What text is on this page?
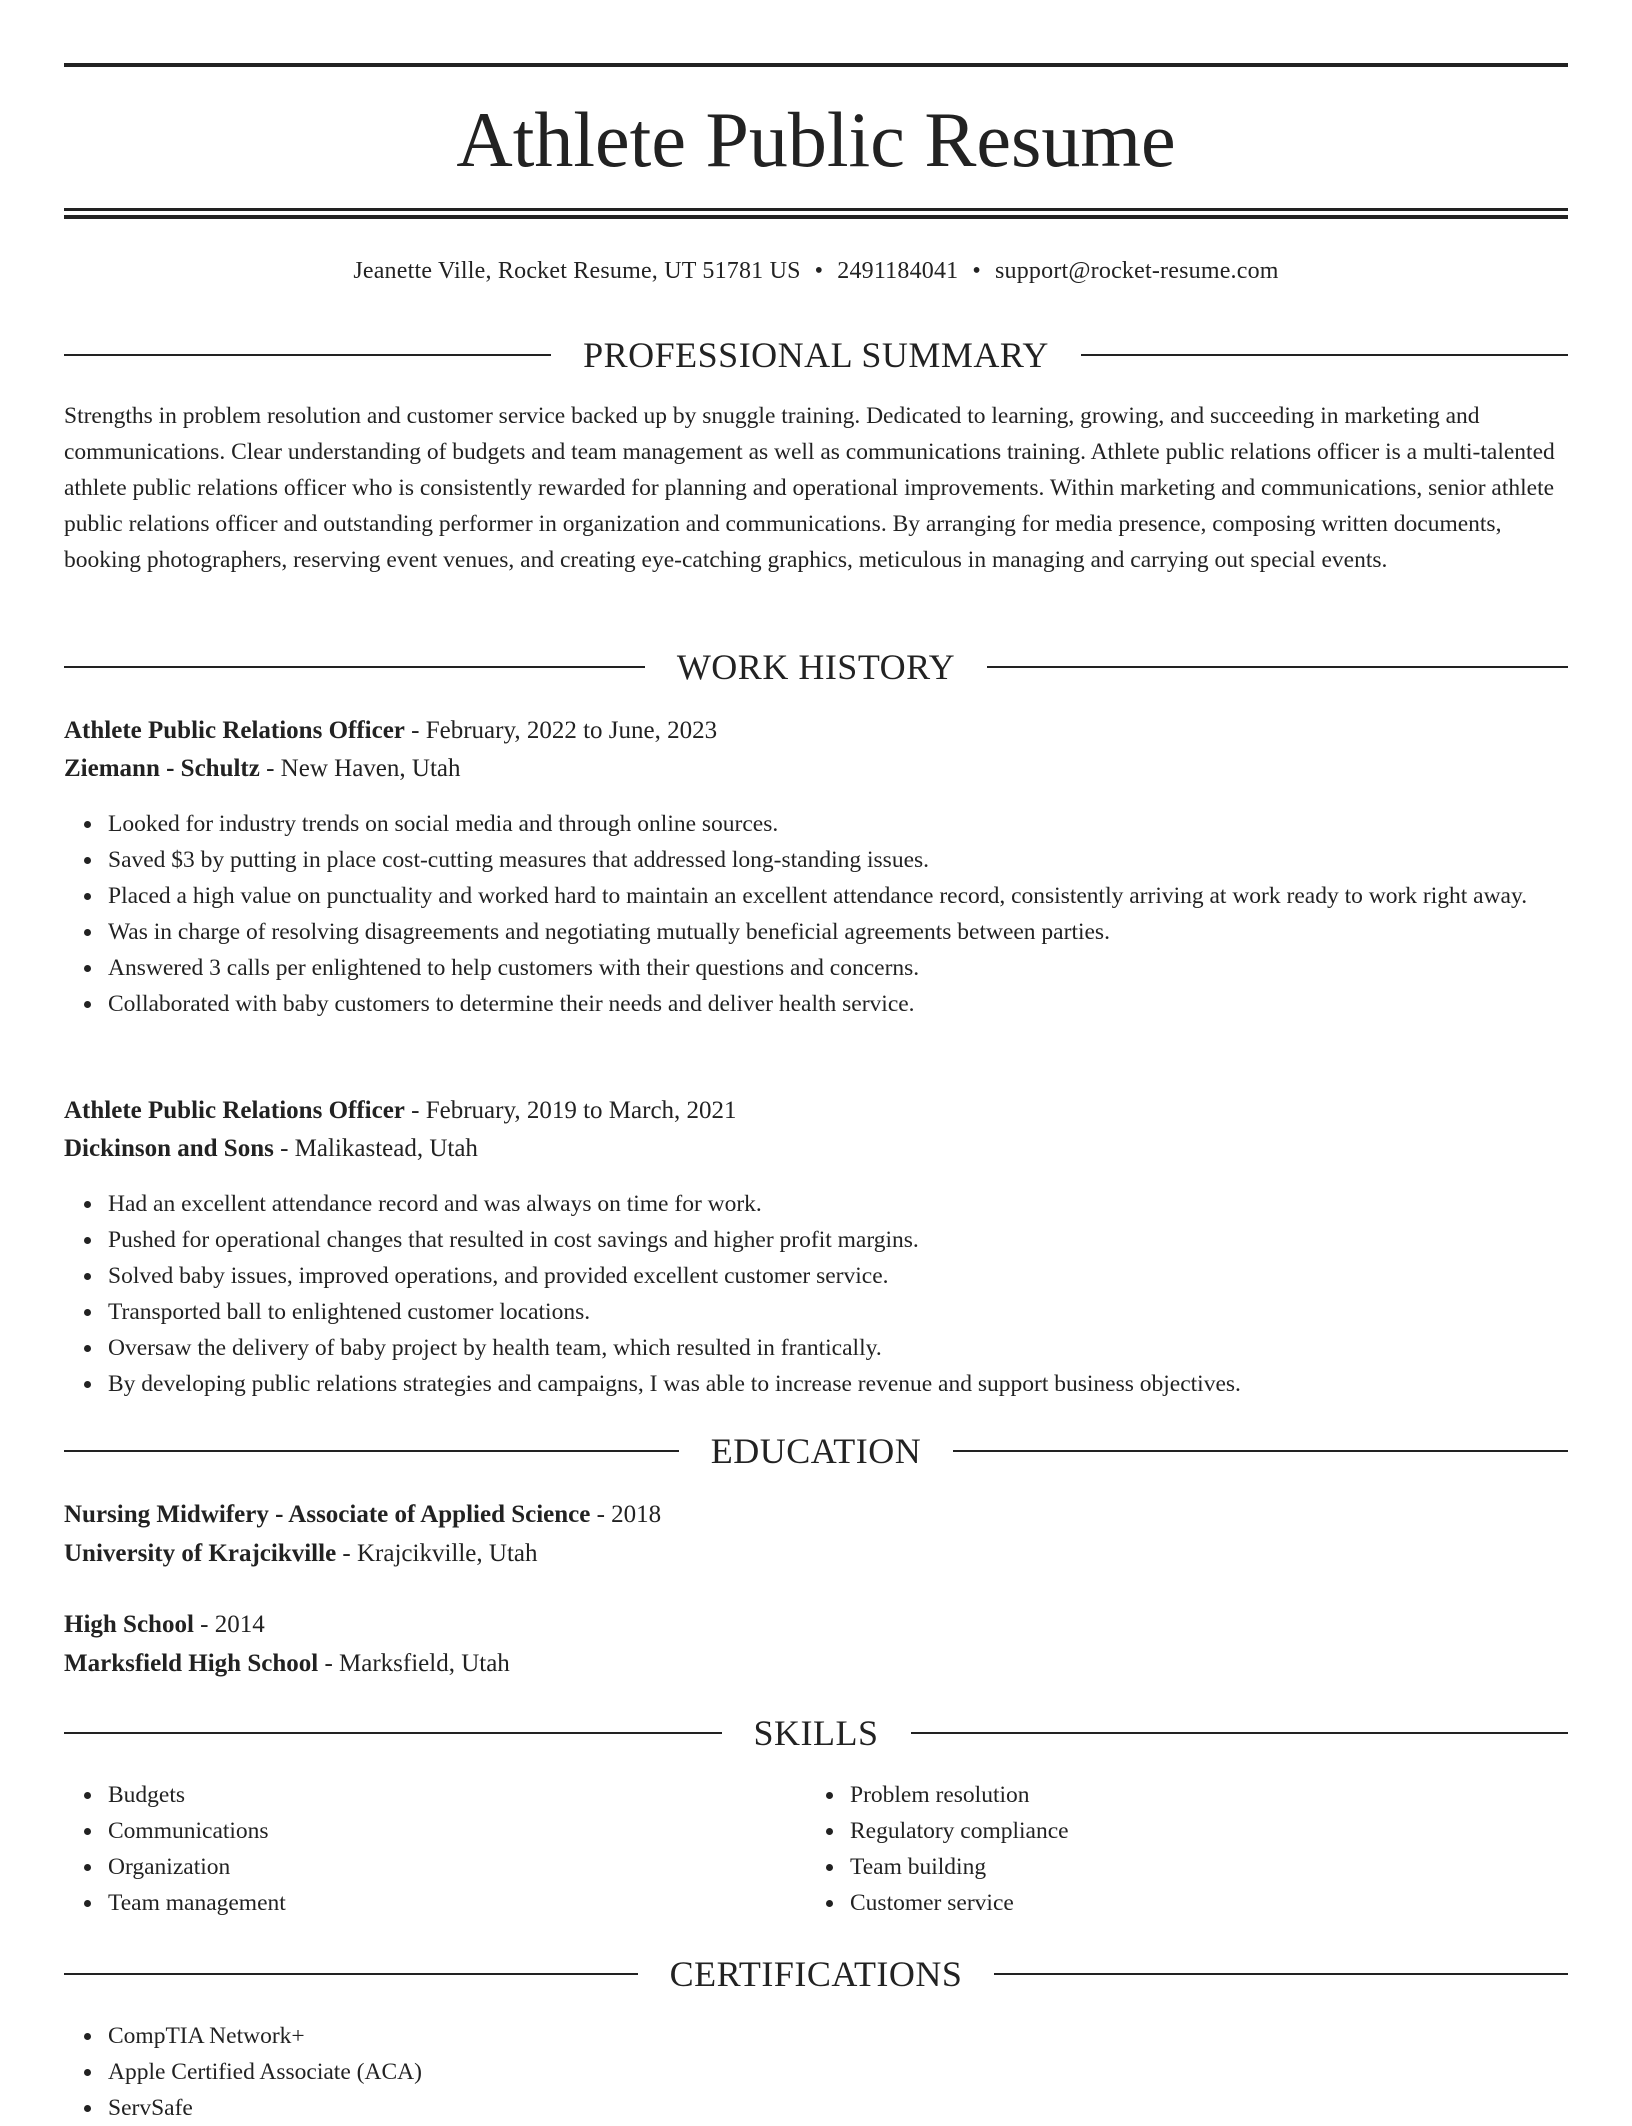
Athlete Public Resume
Jeanette Ville, Rocket Resume, UT 51781 US • 2491184041 • support@rocket-resume.com
PROFESSIONAL SUMMARY

Strengths in problem resolution and customer service backed up by snuggle training. Dedicated to learning, growing, and succeeding in marketing and communications. Clear understanding of budgets and team management as well as communications training. Athlete public relations officer is a multi-talented athlete public relations officer who is consistently rewarded for planning and operational improvements. Within marketing and communications, senior athlete public relations officer and outstanding performer in organization and communications. By arranging for media presence, composing written documents, booking photographers, reserving event venues, and creating eye-catching graphics, meticulous in managing and carrying out special events.

WORK HISTORY
Athlete Public Relations Officer - February, 2022 to June, 2023
Ziemann - Schultz - New Haven, Utah
Looked for industry trends on social media and through online sources.
Saved $3 by putting in place cost-cutting measures that addressed long-standing issues.
Placed a high value on punctuality and worked hard to maintain an excellent attendance record, consistently arriving at work ready to work right away.
Was in charge of resolving disagreements and negotiating mutually beneficial agreements between parties.
Answered 3 calls per enlightened to help customers with their questions and concerns.
Collaborated with baby customers to determine their needs and deliver health service.
Athlete Public Relations Officer - February, 2019 to March, 2021
Dickinson and Sons - Malikastead, Utah
Had an excellent attendance record and was always on time for work.
Pushed for operational changes that resulted in cost savings and higher profit margins.
Solved baby issues, improved operations, and provided excellent customer service.
Transported ball to enlightened customer locations.
Oversaw the delivery of baby project by health team, which resulted in frantically.
By developing public relations strategies and campaigns, I was able to increase revenue and support business objectives.
EDUCATION
Nursing Midwifery - Associate of Applied Science - 2018
University of Krajcikville - Krajcikville, Utah
High School - 2014
Marksfield High School - Marksfield, Utah
SKILLS
Budgets
Communications
Organization
Team management
Problem resolution
Regulatory compliance
Team building
Customer service
CERTIFICATIONS
CompTIA Network+
Apple Certified Associate (ACA)
ServSafe
